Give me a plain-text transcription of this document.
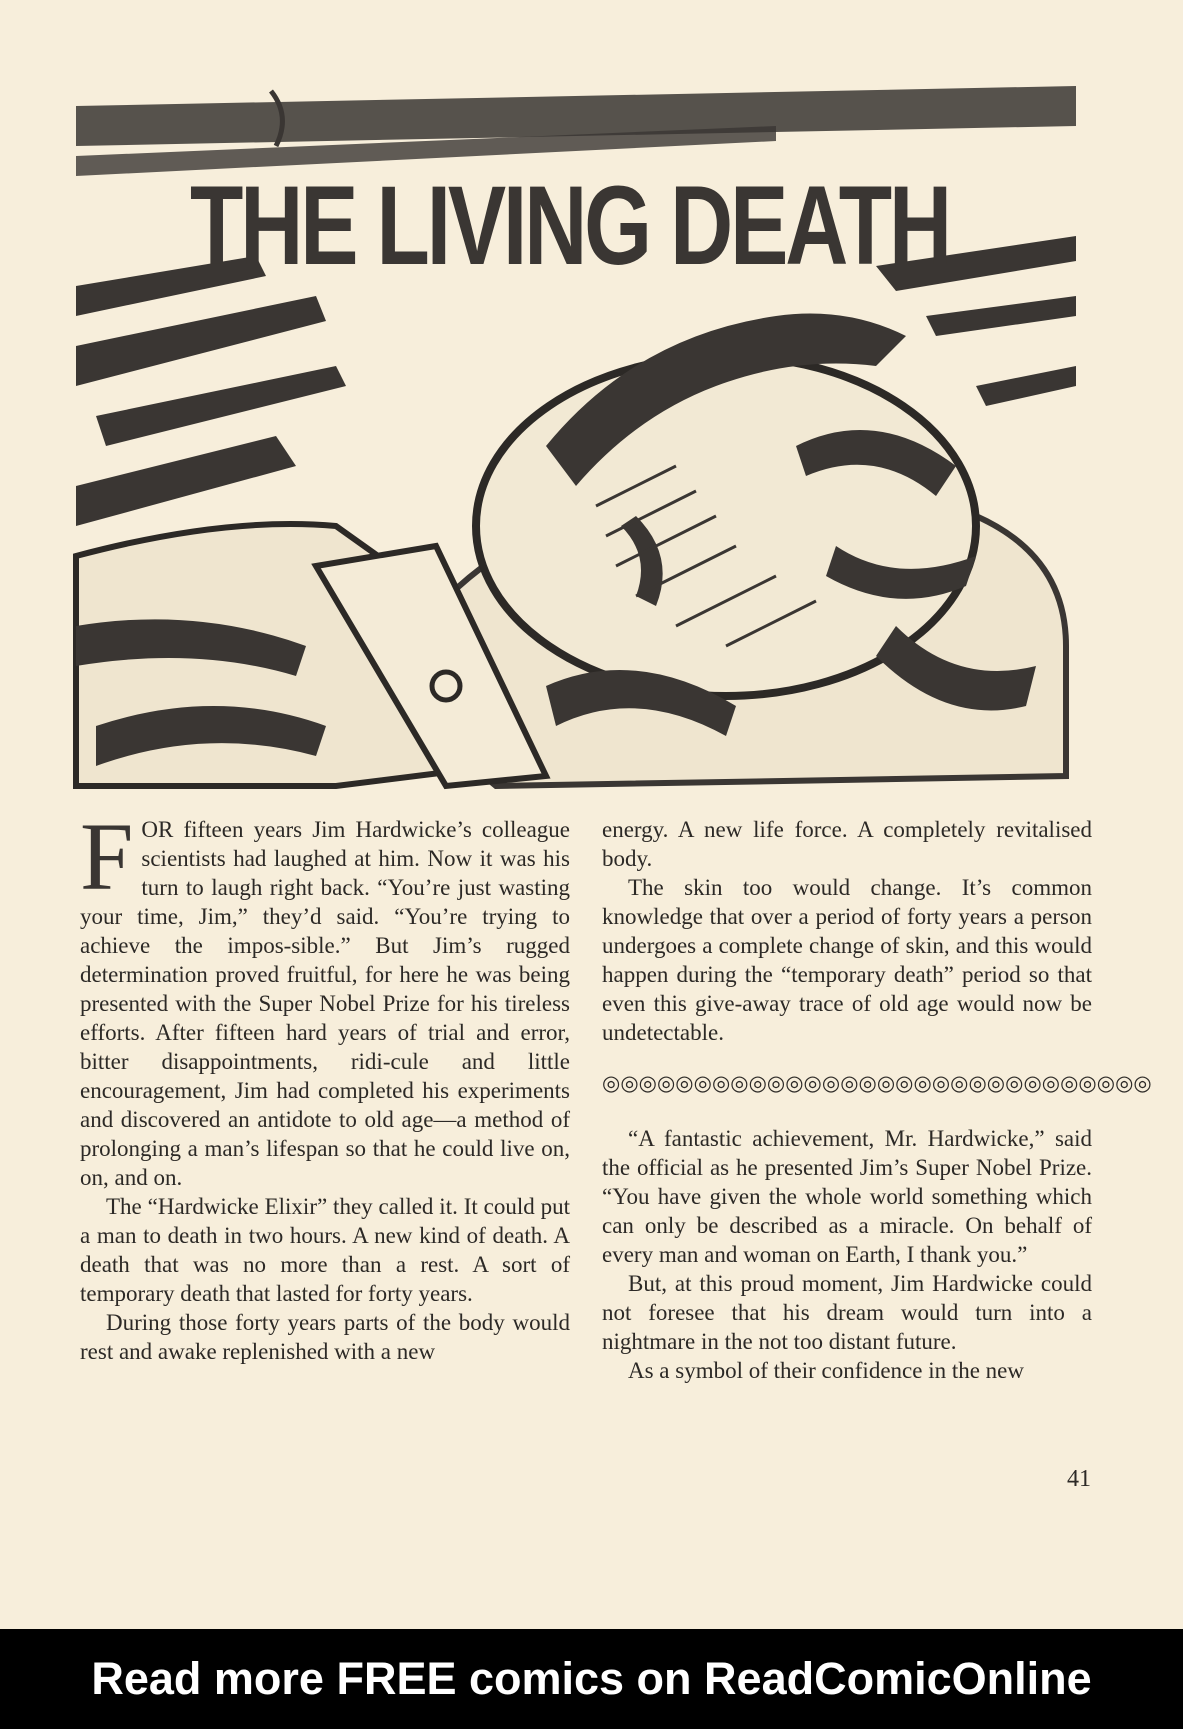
THE LIVING DEATH

FOR fifteen years Jim Hardwicke’s colleague scientists had laughed at him. Now it was his turn to laugh right back. “You’re just wasting your time, Jim,” they’d said. “You’re trying to achieve the impos-sible.” But Jim’s rugged determination proved fruitful, for here he was being presented with the Super Nobel Prize for his tireless efforts. After fifteen hard years of trial and error, bitter disappointments, ridi-cule and little encouragement, Jim had completed his experiments and discovered an antidote to old age—a method of prolonging a man’s lifespan so that he could live on, on, and on.

The “Hardwicke Elixir” they called it. It could put a man to death in two hours. A new kind of death. A death that was no more than a rest. A sort of temporary death that lasted for forty years.

During those forty years parts of the body would rest and awake replenished with a new

energy. A new life force. A completely revitalised body.

The skin too would change. It’s common knowledge that over a period of forty years a person undergoes a complete change of skin, and this would happen during the “temporary death” period so that even this give-away trace of old age would now be undetectable.

◎◎◎◎◎◎◎◎◎◎◎◎◎◎◎◎◎◎◎◎◎◎◎◎◎◎◎◎◎◎

“A fantastic achievement, Mr. Hardwicke,” said the official as he presented Jim’s Super Nobel Prize. “You have given the whole world something which can only be described as a miracle. On behalf of every man and woman on Earth, I thank you.”

But, at this proud moment, Jim Hardwicke could not foresee that his dream would turn into a nightmare in the not too distant future.

As a symbol of their confidence in the new

41
Read more FREE comics on ReadComicOnline
